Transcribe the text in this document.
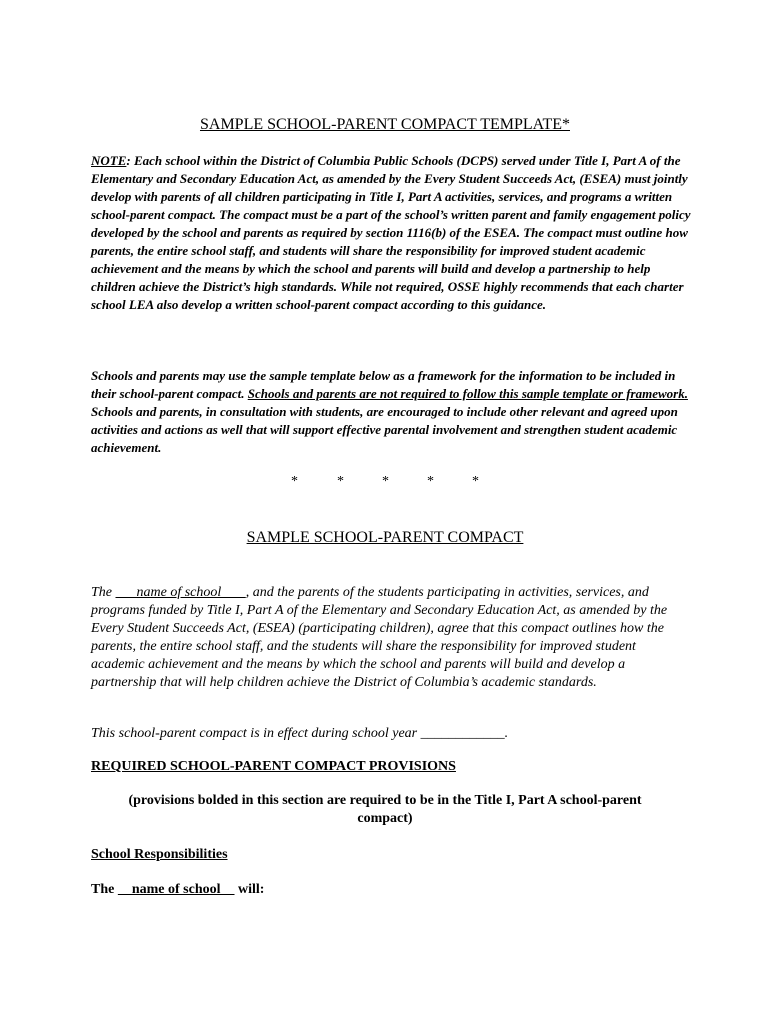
SAMPLE SCHOOL-PARENT COMPACT TEMPLATE*
NOTE: Each school within the District of Columbia Public Schools (DCPS) served under Title I, Part A of the Elementary and Secondary Education Act, as amended by the Every Student Succeeds Act, (ESEA) must jointly develop with parents of all children participating in Title I, Part A activities, services, and programs a written school-parent compact. The compact must be a part of the school’s written parent and family engagement policy developed by the school and parents as required by section 1116(b) of the ESEA. The compact must outline how parents, the entire school staff, and students will share the responsibility for improved student academic achievement and the means by which the school and parents will build and develop a partnership to help children achieve the District’s high standards. While not required, OSSE highly recommends that each charter school LEA also develop a written school-parent compact according to this guidance.
Schools and parents may use the sample template below as a framework for the information to be included in their school-parent compact. Schools and parents are not required to follow this sample template or framework. Schools and parents, in consultation with students, are encouraged to include other relevant and agreed upon activities and actions as well that will support effective parental involvement and strengthen student academic achievement.
*	*	*	*	*
SAMPLE SCHOOL-PARENT COMPACT
The       name of school       , and the parents of the students participating in activities, services, and programs funded by Title I, Part A of the Elementary and Secondary Education Act, as amended by the Every Student Succeeds Act, (ESEA) (participating children), agree that this compact outlines how the parents, the entire school staff, and the students will share the responsibility for improved student academic achievement and the means by which the school and parents will build and develop a partnership that will help children achieve the District of Columbia’s academic standards.
This school-parent compact is in effect during school year ____________.
REQUIRED SCHOOL-PARENT COMPACT PROVISIONS
(provisions bolded in this section are required to be in the Title I, Part A school-parent compact)
School Responsibilities
The     name of school     will:
